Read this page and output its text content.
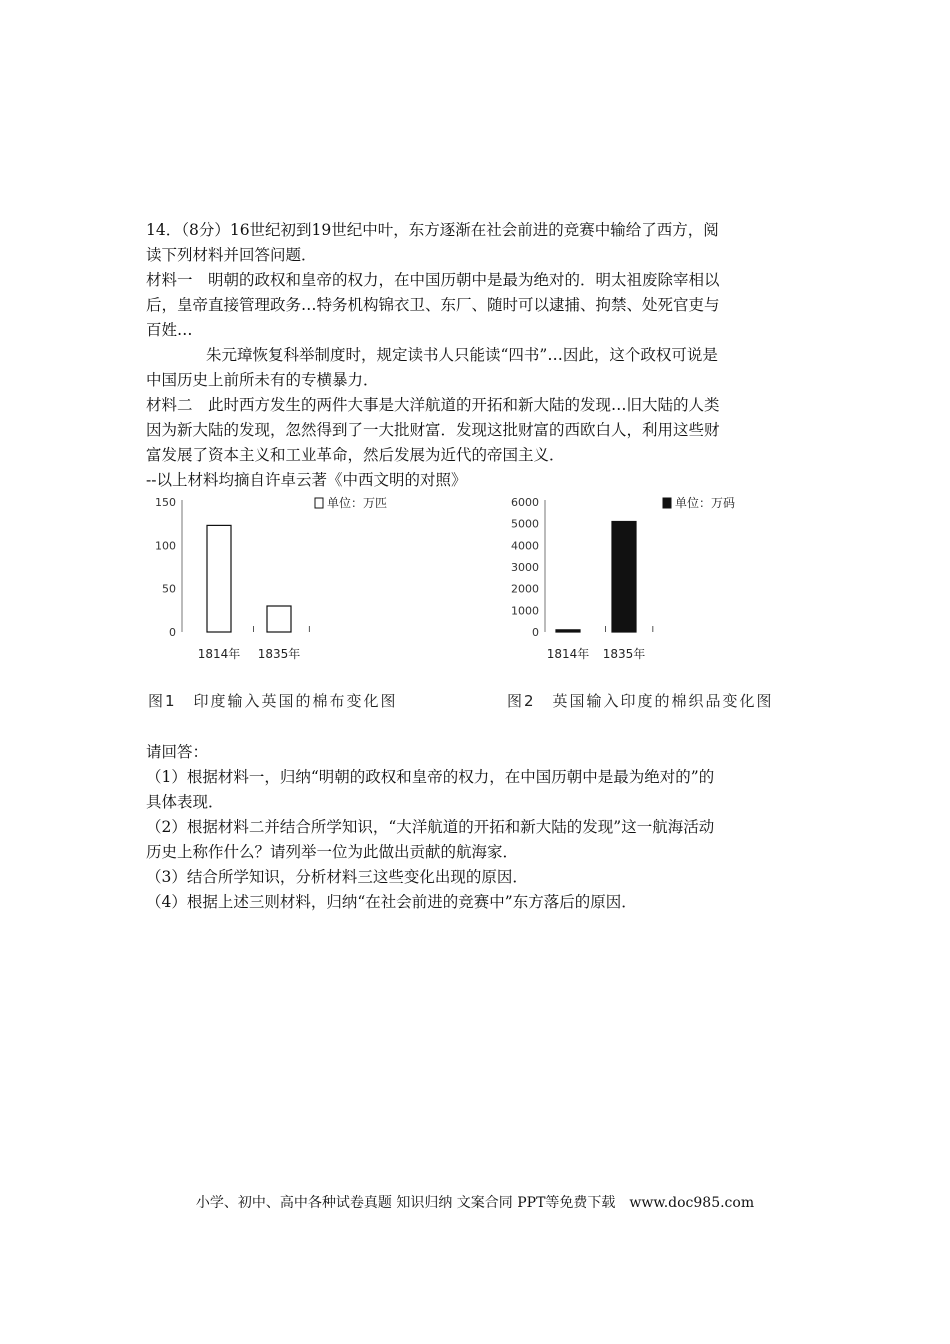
14．（8分）16世纪初到19世纪中叶，东方逐渐在社会前进的竞赛中输给了西方，阅
读下列材料并回答问题．
材料一　明朝的政权和皇帝的权力，在中国历朝中是最为绝对的．明太祖废除宰相以
后，皇帝直接管理政务…特务机构锦衣卫、东厂、随时可以逮捕、拘禁、处死官吏与
百姓…
朱元璋恢复科举制度时，规定读书人只能读“四书”…因此，这个政权可说是
中国历史上前所未有的专横暴力．
材料二　此时西方发生的两件大事是大洋航道的开拓和新大陆的发现…旧大陆的人类
因为新大陆的发现，忽然得到了一大批财富．发现这批财富的西欧白人，利用这些财
富发展了资本主义和工业革命，然后发展为近代的帝国主义．
--以上材料均摘自许卓云著《中西文明的对照》
0
50
100
150
1814年 1835年
单位：万匹
图1　印度输入英国的棉布变化图
0
1000
2000
3000
4000
5000
6000
1814年 1835年
单位：万码
图2　英国输入印度的棉织品变化图
请回答：
（1）根据材料一，归纳“明朝的政权和皇帝的权力，在中国历朝中是最为绝对的”的
具体表现．
（2）根据材料二并结合所学知识，“大洋航道的开拓和新大陆的发现”这一航海活动
历史上称作什么？请列举一位为此做出贡献的航海家．
（3）结合所学知识，分析材料三这些变化出现的原因．
（4）根据上述三则材料，归纳“在社会前进的竞赛中”东方落后的原因．
小学、初中、高中各种试卷真题 知识归纳 文案合同 PPT等免费下载　www.doc985.com
